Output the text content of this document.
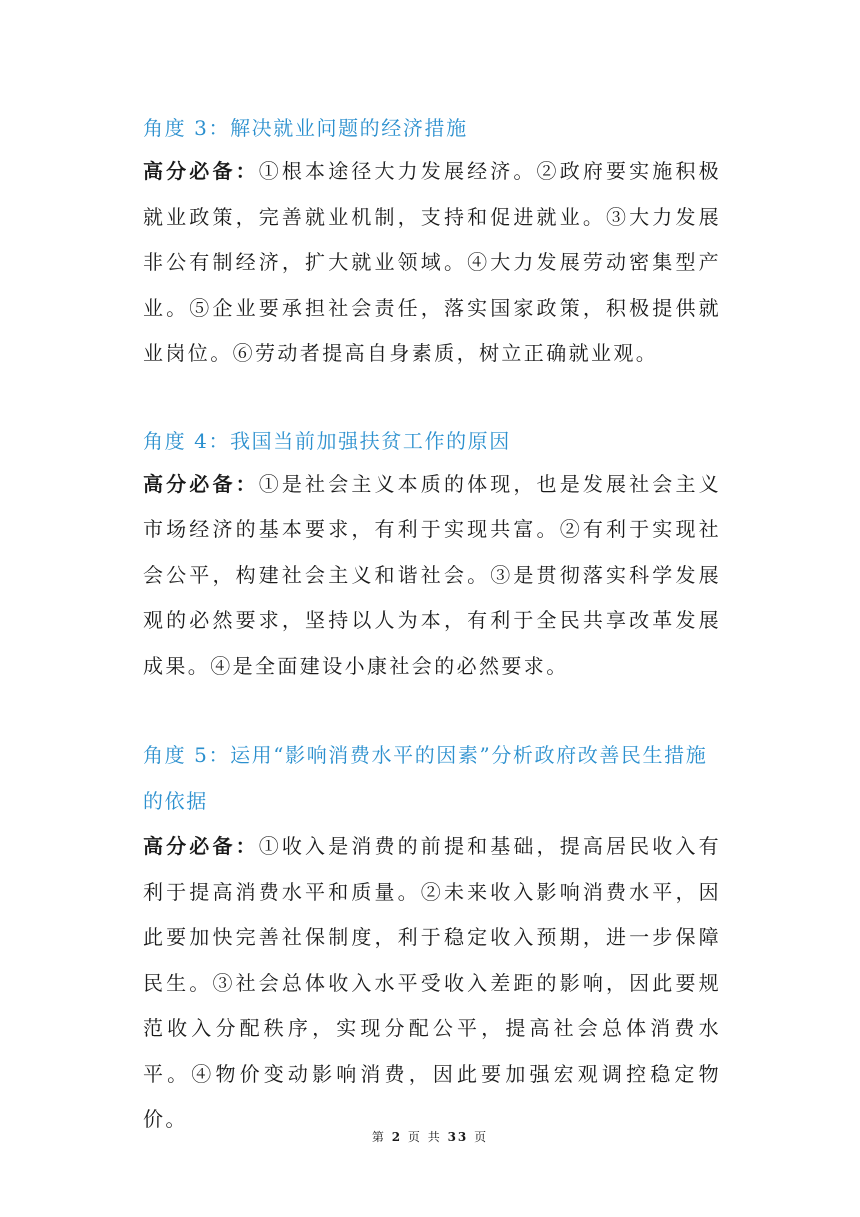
角度 3：解决就业问题的经济措施

高分必备：①根本途径大力发展经济。②政府要实施积极就业政策，完善就业机制，支持和促进就业。③大力发展非公有制经济，扩大就业领域。④大力发展劳动密集型产业。⑤企业要承担社会责任，落实国家政策，积极提供就业岗位。⑥劳动者提高自身素质，树立正确就业观。

角度 4：我国当前加强扶贫工作的原因

高分必备：①是社会主义本质的体现，也是发展社会主义市场经济的基本要求，有利于实现共富。②有利于实现社会公平，构建社会主义和谐社会。③是贯彻落实科学发展观的必然要求，坚持以人为本，有利于全民共享改革发展成果。④是全面建设小康社会的必然要求。

角度 5：运用“影响消费水平的因素”分析政府改善民生措施的依据

高分必备：①收入是消费的前提和基础，提高居民收入有利于提高消费水平和质量。②未来收入影响消费水平，因此要加快完善社保制度，利于稳定收入预期，进一步保障民生。③社会总体收入水平受收入差距的影响，因此要规范收入分配秩序，实现分配公平，提高社会总体消费水平。④物价变动影响消费，因此要加强宏观调控稳定物价。

第 2 页 共 33 页
